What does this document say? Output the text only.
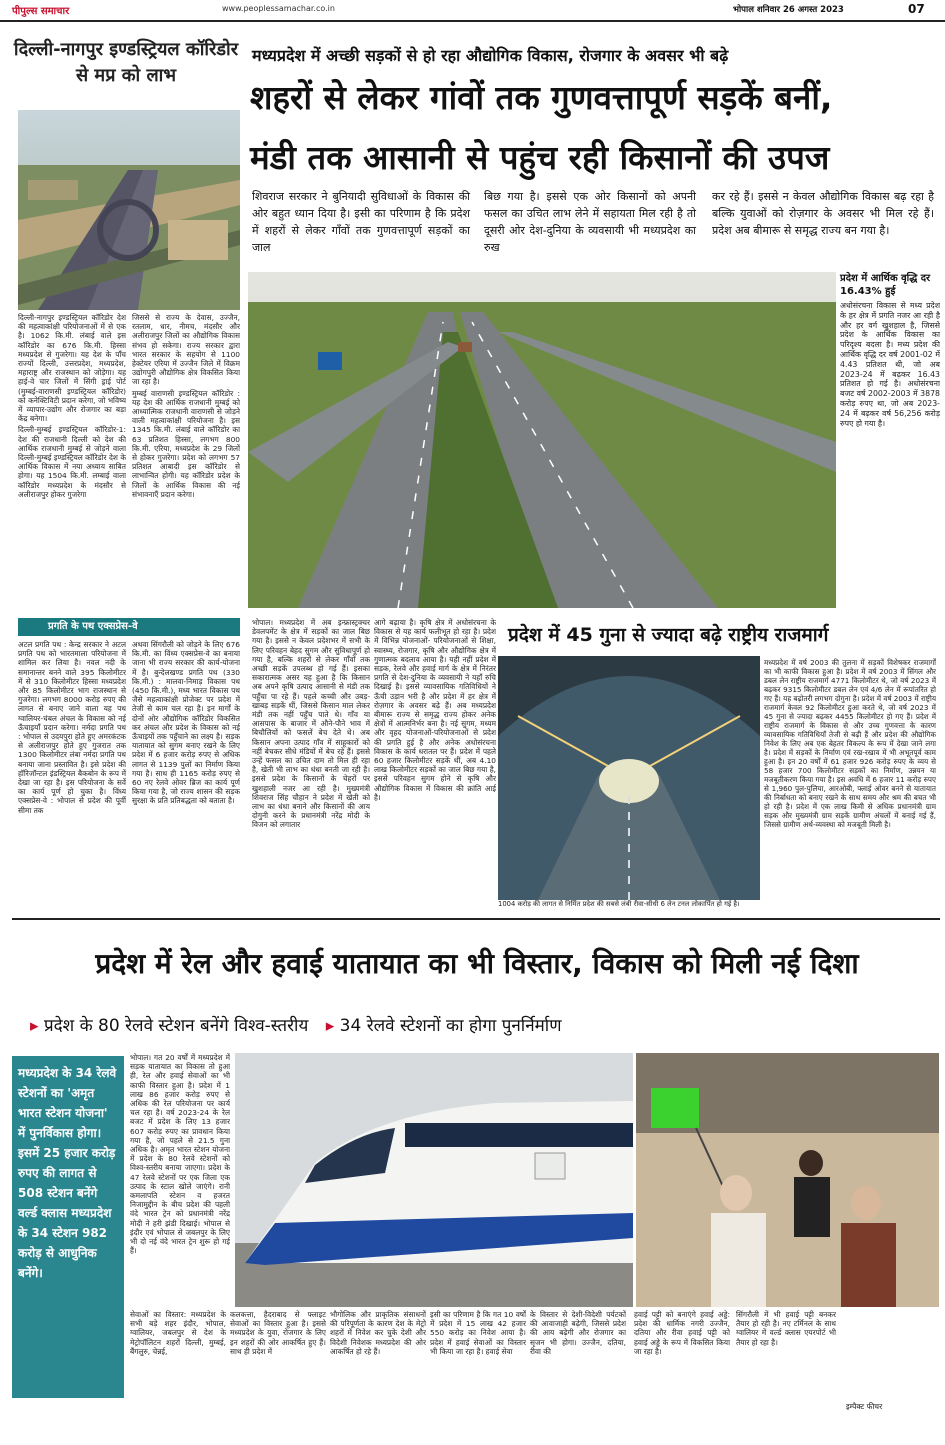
पीपुल्स समाचार	www.peoplessamachar.co.in	भोपाल शनिवार 26 अगस्त 2023	07
दिल्ली-नागपुर इण्डस्ट्रियल कॉरिडोर से मप्र को लाभ

दिल्ली-नागपुर इण्डस्ट्रियल कॉरिडोर देश की महत्वाकांक्षी परियोजनाओं में से एक है। 1062 कि.मी. लंबाई वाले इस कॉरिडोर का 676 कि.मी. हिस्सा मध्यप्रदेश से गुजरेगा। यह देश के पाँच राज्यों दिल्ली, उत्तरप्रदेश, मध्यप्रदेश, महाराष्ट्र और राजस्थान को जोड़ेगा। यह हाई-वे चार जिलों में सिंगी ड्राई पोर्ट (मुम्बई-वाराणसी इण्डस्ट्रियल कॉरिडोर) को कनेक्टिविटी प्रदान करेगा, जो भविष्य में व्यापार-उद्योग और रोजगार का बड़ा केंद्र बनेगा।

दिल्ली-मुम्बई इण्डस्ट्रियल कॉरिडोर-1: देश की राजधानी दिल्ली को देश की आर्थिक राजधानी मुम्बई से जोड़ने वाला दिल्ली-मुम्बई इण्डस्ट्रियल कॉरिडोर देश के आर्थिक विकास में नया अध्याय साबित होगा। यह 1504 कि.मी. लम्बाई वाला कॉरिडोर मध्यप्रदेश के मंदसौर से अलीराजपुर होकर गुजरेगा

जिससे से राज्य के देवास, उज्जैन, रतलाम, धार, नीमच, मंदसौर और अलीराजपुर जिलों का औद्योगिक विकास संभव हो सकेगा। राज्य सरकार द्वारा भारत सरकार के सहयोग से 1100 हेक्टेयर एरिया में उज्जैन जिले में विक्रम उद्योगपुरी औद्योगिक क्षेत्र विकसित किया जा रहा है।

मुम्बई वाराणसी इण्डस्ट्रियल कॉरिडोर : यह देश की आर्थिक राजधानी मुम्बई को आध्यात्मिक राजधानी वाराणसी से जोड़ने वाली महत्वाकांक्षी परियोजना है। इस 1345 कि.मी. लंबाई वाले कॉरिडोर का 63 प्रतिशत हिस्सा, लगभग 800 कि.मी. एरिया, मध्यप्रदेश के 29 जिलों से होकर गुजरेगा। प्रदेश को लगभग 57 प्रतिशत आबादी इस कॉरिडोर से लाभान्वित होगी। यह कॉरिडोर प्रदेश के जिलों के आर्थिक विकास की नई संभावनाएँ प्रदान करेगा।

मध्यप्रदेश में अच्छी सड़कों से हो रहा औद्योगिक विकास, रोजगार के अवसर भी बढ़े
शहरों से लेकर गांवों तक गुणवत्तापूर्ण सड़कें बनीं,
मंडी तक आसानी से पहुंच रही किसानों की उपज
शिवराज सरकार ने बुनियादी सुविधाओं के विकास की ओर बहुत ध्यान दिया है। इसी का परिणाम है कि प्रदेश में शहरों से लेकर गाँवों तक गुणवत्तापूर्ण सड़कों का जाल
बिछ गया है। इससे एक ओर किसानों को अपनी फसल का उचित लाभ लेने में सहायता मिल रही है तो दूसरी ओर देश-दुनिया के व्यवसायी भी मध्यप्रदेश का रुख
कर रहे हैं। इससे न केवल औद्योगिक विकास बढ़ रहा है बल्कि युवाओं को रोज़गार के अवसर भी मिल रहे हैं। प्रदेश अब बीमारू से समृद्ध राज्य बन गया है।
प्रदेश में आर्थिक वृद्धि दर 16.43% हुई
अधोसंरचना विकास से मध्य प्रदेश के हर क्षेत्र में प्रगति नजर आ रही है और हर वर्ग खुशहाल है, जिससे प्रदेश के आर्थिक विकास का परिदृश्य बदला है। मध्य प्रदेश की आर्थिक वृद्धि दर वर्ष 2001-02 में 4.43 प्रतिशत थी, जो अब 2023-24 में बढ़कर 16.43 प्रतिशत हो गई है। अधोसंरचना बजट वर्ष 2002-2003 में 3878 करोड़ रुपए था, जो अब 2023-24 में बढ़कर वर्ष 56,256 करोड़ रुपए हो गया है।
प्रगति के पथ एक्सप्रेस-वे
अटल प्रगति पथ : केन्द्र सरकार ने अटल प्रगति पथ को भारतमाला परियोजना में शामिल कर लिया है। नवल नदी के समानान्तर बनने वाले 395 किलोमीटर में से 310 किलोमीटर हिस्सा मध्यप्रदेश और 85 किलोमीटर भाग राजस्थान से गुजरेगा। लगभग 8000 करोड़ रुपए की लागत से बनाए जाने वाला यह पथ ग्वालियर-चंबल अंचल के विकास को नई ऊँचाइयाँ प्रदान करेगा। नर्मदा प्रगति पथ : भोपाल से उदयपुरा होते हुए अमरकंटक से अलीराजपुर होते हुए गुजरात तक 1300 किलोमीटर लंबा नर्मदा प्रगति पथ बनाया जाना प्रस्तावित है। इसे प्रदेश की हॉरिजॉन्टल इंडस्ट्रियल बैकबोन के रूप में देखा जा रहा है। इस परियोजना के सर्वे का कार्य पूर्ण हो चुका है। विंध्य एक्सप्रेस-वे : भोपाल से प्रदेश की पूर्वी सीमा तक
अथवा सिंगरौली को जोड़ने के लिए 676 कि.मी. का विंध्य एक्सप्रेस-वे का बनाया जाना भी राज्य सरकार की कार्य-योजना में है। बुन्देलखण्ड प्रगति पथ (330 कि.मी.) : मालवा-निमाड़ विकास पथ (450 कि.मी.), मध्य भारत विकास पथ जैसे महत्वाकांक्षी प्रोजेक्ट पर प्रदेश में तेजी से काम चल रहा है। इन मार्गों के दोनों ओर औद्योगिक कॉरिडोर विकसित कर अंचल और प्रदेश के विकास को नई ऊँचाइयों तक पहुँचाने का लक्ष्य है। सड़क यातायात को सुगम बनाए रखने के लिए प्रदेश में 6 हजार करोड़ रुपए से अधिक लागत से 1139 पुलों का निर्माण किया गया है। साथ ही 1165 करोड़ रुपए से 60 नए रेलवे ओवर ब्रिज का कार्य पूर्ण किया गया है, जो राज्य शासन की सड़क सुरक्षा के प्रति प्रतिबद्धता को बताता है।
भोपाल। मध्यप्रदेश में अब इन्फ्रास्ट्रक्चर डेवलपमेंट के क्षेत्र में सड़कों का जाल बिछ गया है। इससे न केवल प्रदेशभर में सभी के लिए परिवहन बेहद सुगम और सुविधापूर्ण हो गया है, बल्कि शहरों से लेकर गाँवों तक अच्छी सड़कें उपलब्ध हो गई हैं। इसका सकारात्मक असर यह हुआ है कि किसान अब अपने कृषि उत्पाद आसानी से मंडी तक पहुँचा पा रहे हैं। पहले कच्ची और उबड़-खाबड़ सड़कें थीं, जिससे किसान माल लेकर मंडी तक नहीं पहुँच पाते थे। गाँव या आसपास के बाजार में औने-पौने भाव में बिचौलियों को फसलें बेच देते थे। अब किसान अपना उत्पाद गाँव में साहूकारों को नहीं बेचकर सीधे मंडियों में बेच रहे हैं। इससे उन्हें फसल का उचित दाम तो मिल ही रहा है, खेती भी लाभ का धंधा बनती जा रही है। इससे प्रदेश के किसानों के चेहरों पर खुशहाली नजर आ रही है। मुख्यमंत्री शिवराज सिंह चौहान ने प्रदेश में खेती को लाभ का धंधा बनाने और किसानों की आय दोगुनी करने के प्रधानमंत्री नरेंद्र मोदी के विजन को लगातार
आगे बढ़ाया है। कृषि क्षेत्र में अधोसंरचना के विकास से यह कार्य फलीभूत हो रहा है। प्रदेश में विभिन्न योजनाओं- परियोजनाओं से शिक्षा, स्वास्थ्य, रोजगार, कृषि और औद्योगिक क्षेत्र में गुणात्मक बदलाव आया है। यही नहीं प्रदेश में सड़क, रेलवे और हवाई मार्ग के क्षेत्र में निरंतर प्रगति से देश-दुनिया के व्यवसायी ने यहाँ रुचि दिखाई है। इससे व्यावसायिक गतिविधियों ने ऊँची उड़ान भरी है और प्रदेश में हर क्षेत्र में रोज़गार के अवसर बढ़े हैं। अब मध्यप्रदेश बीमारू राज्य से समृद्ध राज्य होकर अनेक क्षेत्रों में आत्मनिर्भर बना है। नई सुगम, मध्यम और वृहद योजनाओं-परियोजनाओं से प्रदेश की प्रगति हुई है और अनेक अधोसंरचना विकास के कार्य धरातल पर हैं। प्रदेश में पहले 60 हजार किलोमीटर सड़कें थीं, अब 4.10 लाख किलोमीटर सड़कों का जाल बिछ गया है, इससे परिवहन सुगम होने से कृषि और औद्योगिक विकास में विकास की क्रांति आई है।
प्रदेश में 45 गुना से ज्यादा बढ़े राष्ट्रीय राजमार्ग
1004 करोड़ की लागत से निर्मित प्रदेश की सबसे लंबी रीवा-सीधी 6 लेन टनल लोकार्पित हो गई है।
मध्यप्रदेश में वर्ष 2003 की तुलना में सड़कों विशेषकर राजमार्गों का भी काफी विकास हुआ है। प्रदेश में वर्ष 2003 में सिंगल और डबल लेन राष्ट्रीय राजमार्ग 4771 किलोमीटर थे, जो वर्ष 2023 में बढ़कर 9315 किलोमीटर डबल लेन एवं 4/6 लेन में रूपांतरित हो गए हैं। यह बढ़ोतरी लगभग दोगुना है। प्रदेश में वर्ष 2003 में राष्ट्रीय राजमार्ग केवल 92 किलोमीटर हुआ करते थे, जो वर्ष 2023 में 45 गुना से ज्यादा बढ़कर 4455 किलोमीटर हो गए हैं। प्रदेश में राष्ट्रीय राजमार्ग के विकास से और उच्च गुणवत्ता के कारण व्यावसायिक गतिविधियाँ तेजी से बढ़ी हैं और प्रदेश की औद्योगिक निवेश के लिए अब एक बेहतर विकल्प के रूप में देखा जाने लगा है। प्रदेश में सड़कों के निर्माण एवं रख-रखाव में भी अभूतपूर्व काम हुआ है। इन 20 वर्षों में 61 हजार 926 करोड़ रुपए के व्यय से 58 हजार 700 किलोमीटर सड़कों का निर्माण, उन्नयन या मजबूतीकरण किया गया है। इस अवधि में 6 हजार 11 करोड़ रुपए से 1,960 पुल-पुलिया, आरओबी, फ्लाई ओवर बनने से यातायात की निर्बाधता को बनाए रखने के साथ समय और श्रम की बचत भी हो रही है। प्रदेश में एक लाख किमी से अधिक प्रधानमंत्री ग्राम सड़क और मुख्यमंत्री ग्राम सड़कें ग्रामीण अंचलों में बनाई गई हैं, जिससे ग्रामीण अर्थ-व्यवस्था को मजबूती मिली है।
प्रदेश में रेल और हवाई यातायात का भी विस्तार, विकास को मिली नई दिशा
▸ प्रदेश के 80 रेलवे स्टेशन बनेंगे विश्व-स्तरीय ▸ 34 रेलवे स्टेशनों का होगा पुनर्निर्माण
मध्यप्रदेश के 34 रेलवे स्टेशनों का 'अमृत भारत स्टेशन योजना' में पुनर्विकास होगा। इसमें 25 हजार करोड़ रुपए की लागत से 508 स्टेशन बनेंगे वर्ल्ड क्लास मध्यप्रदेश के 34 स्टेशन 982 करोड़ से आधुनिक बनेंगे।
भोपाल। गत 20 वर्षों में मध्यप्रदेश में सड़क यातायात का विकास तो हुआ ही, रेल और हवाई सेवाओं का भी काफी विस्तार हुआ है। प्रदेश में 1 लाख 86 हजार करोड़ रुपए से अधिक की रेल परियोजना पर कार्य चल रहा है। वर्ष 2023-24 के रेल बजट में प्रदेश के लिए 13 हजार 607 करोड़ रुपए का प्रावधान किया गया है, जो पहले से 21.5 गुना अधिक है। अमृत भारत स्टेशन योजना में प्रदेश के 80 रेलवे स्टेशनों को विश्व-स्तरीय बनाया जाएगा। प्रदेश के 47 रेलवे स्टेशनों पर एक जिला एक उत्पाद के स्टाल खोले जाएंगे। रानी कमलापति स्टेशन व हजरत निजामुद्दीन के बीच प्रदेश की पहली वंदे भारत ट्रेन को प्रधानमंत्री नरेंद्र मोदी ने हरी झंडी दिखाई। भोपाल से इंदौर एवं भोपाल से जबलपुर के लिए भी दो नई वंदे भारत ट्रेन शुरू हो गई हैं।
सेवाओं का विस्तार: मध्यप्रदेश के सभी बड़े शहर इंदौर, भोपाल, ग्वालियर, जबलपुर से देश के मेट्रोपॉलिटन शहरों दिल्ली, मुम्बई, बैंगलुरु, चेन्नई,
कलकत्ता, हैदराबाद से फ्लाइट सेवाओं का विस्तार हुआ है। इससे मध्यप्रदेश के युवा, रोजगार के लिए इन शहरों की ओर आकर्षित हुए हैं। साथ ही प्रदेश में
भौगोलिक और प्राकृतिक संसाधनों की परिपूर्णता के कारण देश के मेट्रो शहरों में निवेश कर चुके देशी और विदेशी निवेशक मध्यप्रदेश की ओर आकर्षित हो रहे हैं।
इसी का परिणाम है कि गत 10 वर्षों में प्रदेश में 15 लाख 42 हजार 550 करोड़ का निवेश आया है। प्रदेश में हवाई सेवाओं का विस्तार भी किया जा रहा है। हवाई सेवा
के विस्तार से देशी-विदेशी पर्यटकों की आवाजाही बढ़ेगी, जिससे प्रदेश की आय बढ़ेगी और रोजगार का सृजन भी होगा। उज्जैन, दतिया, रीवा की
हवाई पट्टी को बनाएंगे हवाई अड्डे: प्रदेश की धार्मिक नगरी उज्जैन, दतिया और रीवा हवाई पट्टी को हवाई अड्डे के रूप में विकसित किया जा रहा है।
सिंगरौली में भी हवाई पट्टी बनकर तैयार हो रही है। नए टर्मिनल के साथ ग्वालियर में वर्ल्ड क्लास एयरपोर्ट भी तैयार हो रहा है।
इम्पैक्ट फीचर
